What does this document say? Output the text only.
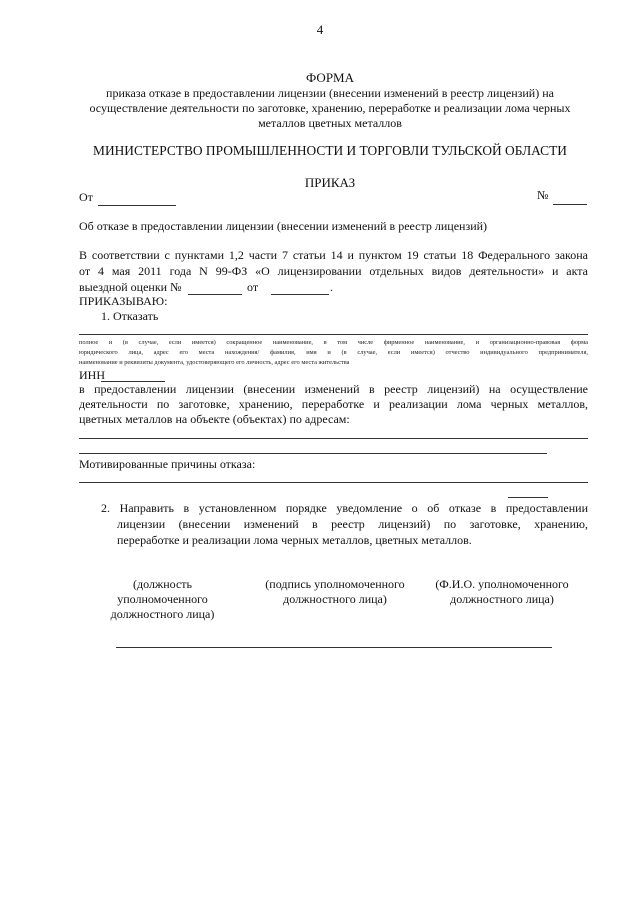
4
ФОРМА
приказа отказе в предоставлении лицензии (внесении изменений в реестр лицензий) на
осуществление деятельности по заготовке, хранению, переработке и реализации лома черных
металлов цветных металлов
МИНИСТЕРСТВО ПРОМЫШЛЕННОСТИ И ТОРГОВЛИ ТУЛЬСКОЙ ОБЛАСТИ
ПРИКАЗ
От	№
Об отказе в предоставлении лицензии (внесении изменений в реестр лицензий)
В соответствии с пунктами 1,2 части 7 статьи 14 и пунктом 19 статьи 18 Федерального закона
от 4 мая 2011 года N 99-ФЗ «О лицензировании отдельных видов деятельности» и акта
выездной оценки №	от	.
ПРИКАЗЫВАЮ:
1. Отказать
полное и (в случае, если имеется) сокращенное наименование, в том числе фирменное наименование, и организационно-правовая форма
юридического лица, адрес его места нахождения/ фамилия, имя и (в случае, если имеется) отчество индивидуального предпринимателя,
наименование и реквизиты документа, удостоверяющего его личность, адрес его места жительства
ИНН
в предоставлении лицензии (внесении изменений в реестр лицензий) на осуществление
деятельности по заготовке, хранению, переработке и реализации лома черных металлов,
цветных металлов на объекте (объектах) по адресам:
Мотивированные причины отказа:
2. Направить в установленном порядке уведомление о об отказе в предоставлении
лицензии (внесении изменений в реестр лицензий) по заготовке, хранению,
переработке и реализации лома черных металлов, цветных металлов.
(должность
уполномоченного
должностного лица)
(подпись уполномоченного
должностного лица)
(Ф.И.О. уполномоченного
должностного лица)
